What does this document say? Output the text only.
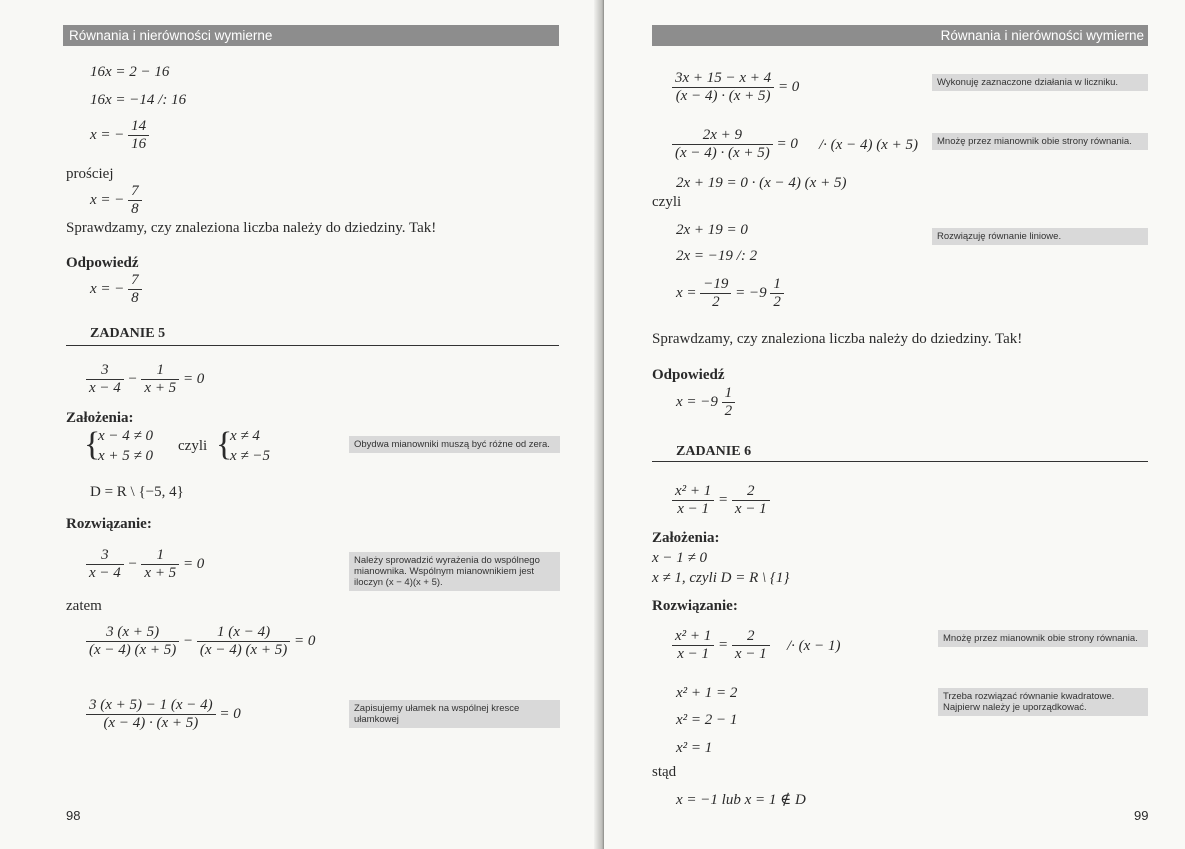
Równania i nierówności wymierne
16x = 2 − 16
16x = −14 /: 16
x = − $\frac{14}{16}$
prościej
x = − $\frac{7}{8}$
Sprawdzamy, czy znaleziona liczba należy do dziedziny. Tak!
Odpowiedź
x = − $\frac{7}{8}$
ZADANIE 5
$\frac{3}{x - 4} - \frac{1}{x + 5} = 0$
Założenia:
{
x − 4 ≠ 0
x + 5 ≠ 0
czyli {
x ≠ 4
x ≠ −5
Obydwa mianowniki muszą być różne od zera.
D = R \ {−5, 4}
Rozwiązanie:
$\frac{3}{x - 4} - \frac{1}{x + 5} = 0$	Należy sprowadzić wyrażenia do wspólnego mianownika. Wspólnym mianownikiem jest iloczyn (x − 4)(x + 5).
zatem
$\frac{3 (x + 5)}{(x - 4) (x + 5)} - \frac{1 (x - 4)}{(x - 4) (x + 5)} = 0$
$\frac{3 (x + 5) - 1 (x - 4)}{(x - 4) \cdot (x + 5)} = 0$	Zapisujemy ułamek na wspólnej kresce ułamkowej
98
Równania i nierówności wymierne
$\frac{3x + 15 - x + 4}{(x - 4) \cdot (x + 5)} = 0$	Wykonuję zaznaczone działania w liczniku.
$\frac{2x + 9}{(x - 4) \cdot (x + 5)} = 0 /\cdot (x - 4) (x + 5)$	Mnożę przez mianownik obie strony równania.
2x + 19 = 0 · (x − 4) (x + 5)
czyli
2x + 19 = 0	Rozwiązuję równanie liniowe.
2x = −19 /: 2
$x = \frac{-19}{2} = -9 \frac{1}{2}$
Sprawdzamy, czy znaleziona liczba należy do dziedziny. Tak!
Odpowiedź
$x = -9 \frac{1}{2}$
ZADANIE 6
$\frac{\text{x² + 1}}{x - 1} = \frac{2}{x - 1}$
Założenia:
x − 1 ≠ 0
x ≠ 1, czyli D = R \ {1}
Rozwiązanie:
$\frac{\text{x² + 1}}{x - 1} = \frac{2}{x - 1} /\cdot (x - 1)$	Mnożę przez mianownik obie strony równania.
x² + 1 = 2	Trzeba rozwiązać równanie kwadratowe. Najpierw należy je uporządkować.
x² = 2 − 1
x² = 1
stąd
x = −1 lub x = 1 ∉ D
99
